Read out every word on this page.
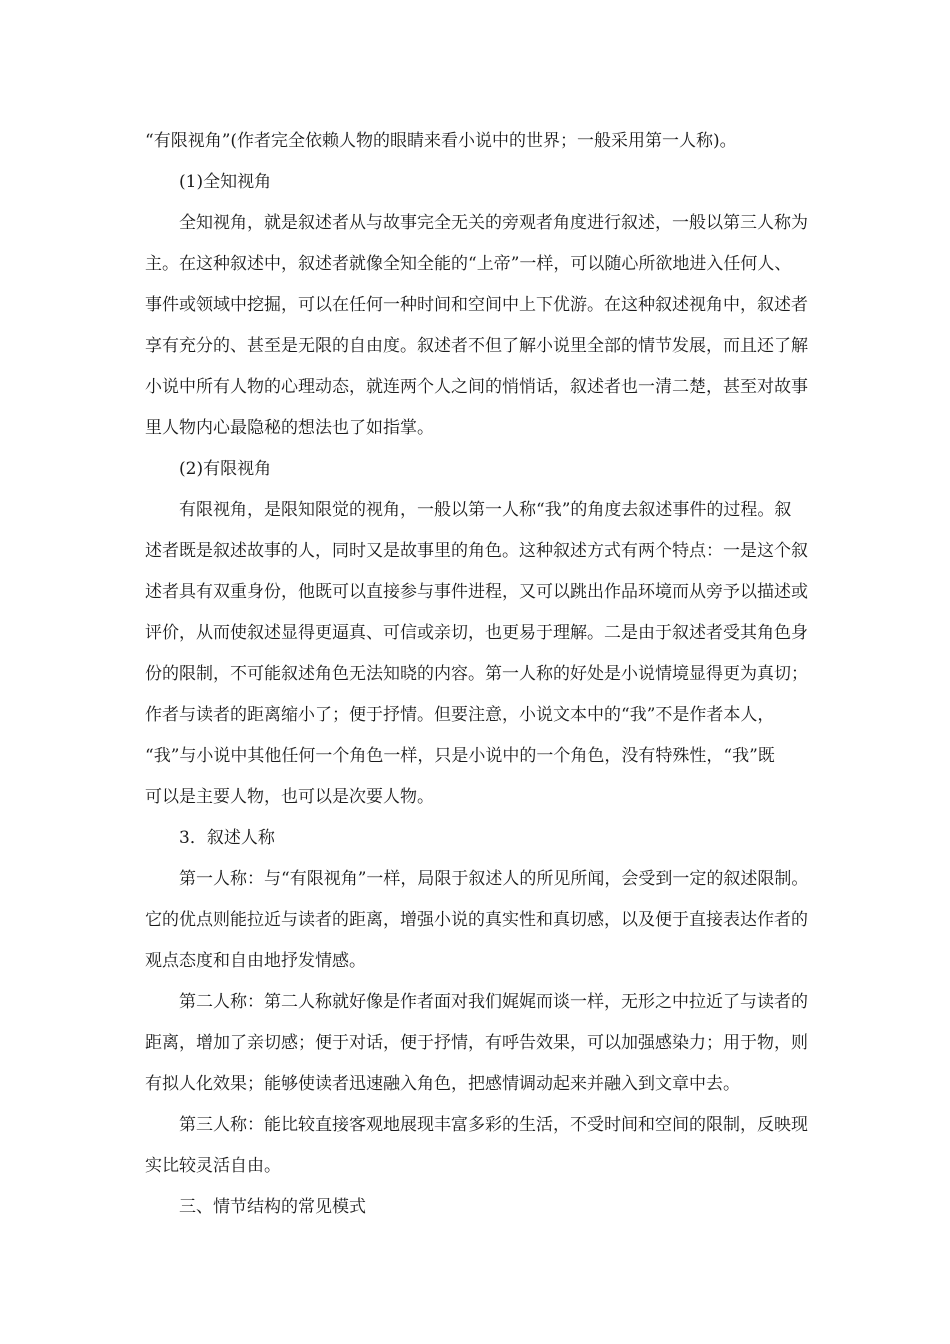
“有限视角”(作者完全依赖人物的眼睛来看小说中的世界；一般采用第一人称)。
(1)全知视角
全知视角，就是叙述者从与故事完全无关的旁观者角度进行叙述，一般以第三人称为
主。在这种叙述中，叙述者就像全知全能的“上帝”一样，可以随心所欲地进入任何人、
事件或领域中挖掘，可以在任何一种时间和空间中上下优游。在这种叙述视角中，叙述者
享有充分的、甚至是无限的自由度。叙述者不但了解小说里全部的情节发展，而且还了解
小说中所有人物的心理动态，就连两个人之间的悄悄话，叙述者也一清二楚，甚至对故事
里人物内心最隐秘的想法也了如指掌。
(2)有限视角
有限视角，是限知限觉的视角，一般以第一人称“我”的角度去叙述事件的过程。叙
述者既是叙述故事的人，同时又是故事里的角色。这种叙述方式有两个特点：一是这个叙
述者具有双重身份，他既可以直接参与事件进程，又可以跳出作品环境而从旁予以描述或
评价，从而使叙述显得更逼真、可信或亲切，也更易于理解。二是由于叙述者受其角色身
份的限制，不可能叙述角色无法知晓的内容。第一人称的好处是小说情境显得更为真切；
作者与读者的距离缩小了；便于抒情。但要注意，小说文本中的“我”不是作者本人，
“我”与小说中其他任何一个角色一样，只是小说中的一个角色，没有特殊性，“我”既
可以是主要人物，也可以是次要人物。
3．叙述人称
第一人称：与“有限视角”一样，局限于叙述人的所见所闻，会受到一定的叙述限制。
它的优点则能拉近与读者的距离，增强小说的真实性和真切感，以及便于直接表达作者的
观点态度和自由地抒发情感。
第二人称：第二人称就好像是作者面对我们娓娓而谈一样，无形之中拉近了与读者的
距离，增加了亲切感；便于对话，便于抒情，有呼告效果，可以加强感染力；用于物，则
有拟人化效果；能够使读者迅速融入角色，把感情调动起来并融入到文章中去。
第三人称：能比较直接客观地展现丰富多彩的生活，不受时间和空间的限制，反映现
实比较灵活自由。
三、情节结构的常见模式
